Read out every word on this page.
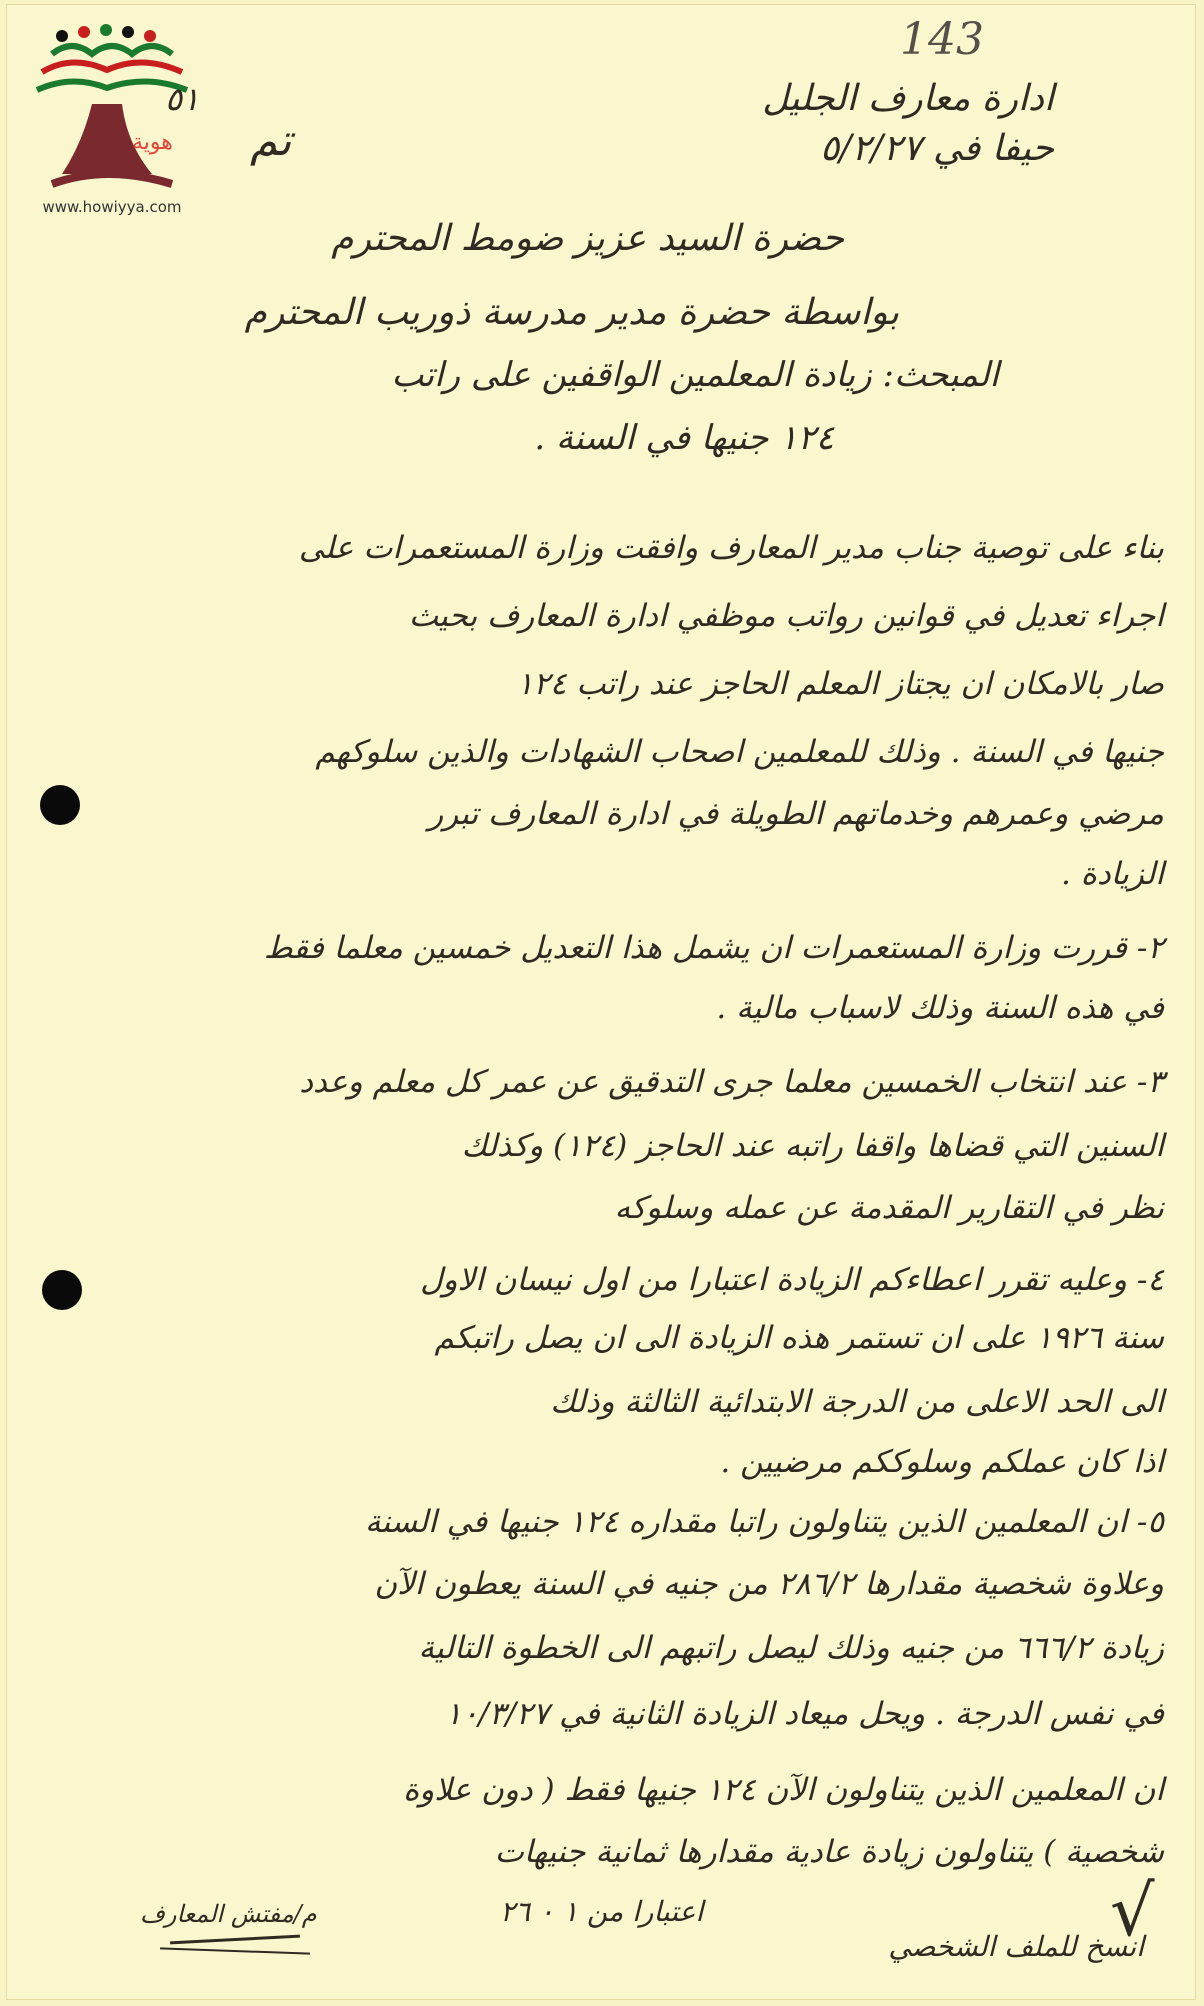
143
هوية
www.howiyya.com
٥١
تم
ادارة معارف الجليل
حيفا في ٥/٢/٢٧
حضرة السيد عزيز ضومط المحترم
بواسطة حضرة مدير مدرسة ذوريب المحترم
المبحث: زيادة المعلمين الواقفين على راتب
١٢٤ جنيها في السنة .
بناء على توصية جناب مدير المعارف وافقت وزارة المستعمرات على
اجراء تعديل في قوانين رواتب موظفي ادارة المعارف بحيث
صار بالامكان ان يجتاز المعلم الحاجز عند راتب ١٢٤
جنيها في السنة . وذلك للمعلمين اصحاب الشهادات والذين سلوكهم
مرضي وعمرهم وخدماتهم الطويلة في ادارة المعارف تبرر
الزيادة .
٢- قررت وزارة المستعمرات ان يشمل هذا التعديل خمسين معلما فقط
في هذه السنة وذلك لاسباب مالية .
٣- عند انتخاب الخمسين معلما جرى التدقيق عن عمر كل معلم وعدد
السنين التي قضاها واقفا راتبه عند الحاجز (١٢٤) وكذلك
نظر في التقارير المقدمة عن عمله وسلوكه
٤- وعليه تقرر اعطاءكم الزيادة اعتبارا من اول نيسان الاول
سنة ١٩٢٦ على ان تستمر هذه الزيادة الى ان يصل راتبكم
الى الحد الاعلى من الدرجة الابتدائية الثالثة وذلك
اذا كان عملكم وسلوككم مرضيين .
٥- ان المعلمين الذين يتناولون راتبا مقداره ١٢٤ جنيها في السنة
وعلاوة شخصية مقدارها ٢٨٦/٢ من جنيه في السنة يعطون الآن
زيادة ٦٦٦/٢ من جنيه وذلك ليصل راتبهم الى الخطوة التالية
في نفس الدرجة . ويحل ميعاد الزيادة الثانية في ١٠/٣/٢٧
ان المعلمين الذين يتناولون الآن ١٢٤ جنيها فقط ( دون علاوة
شخصية ) يتناولون زيادة عادية مقدارها ثمانية جنيهات
اعتبارا من ١ ٠ ٢٦
م/مفتش المعارف
انسخ للملف الشخصي
√
